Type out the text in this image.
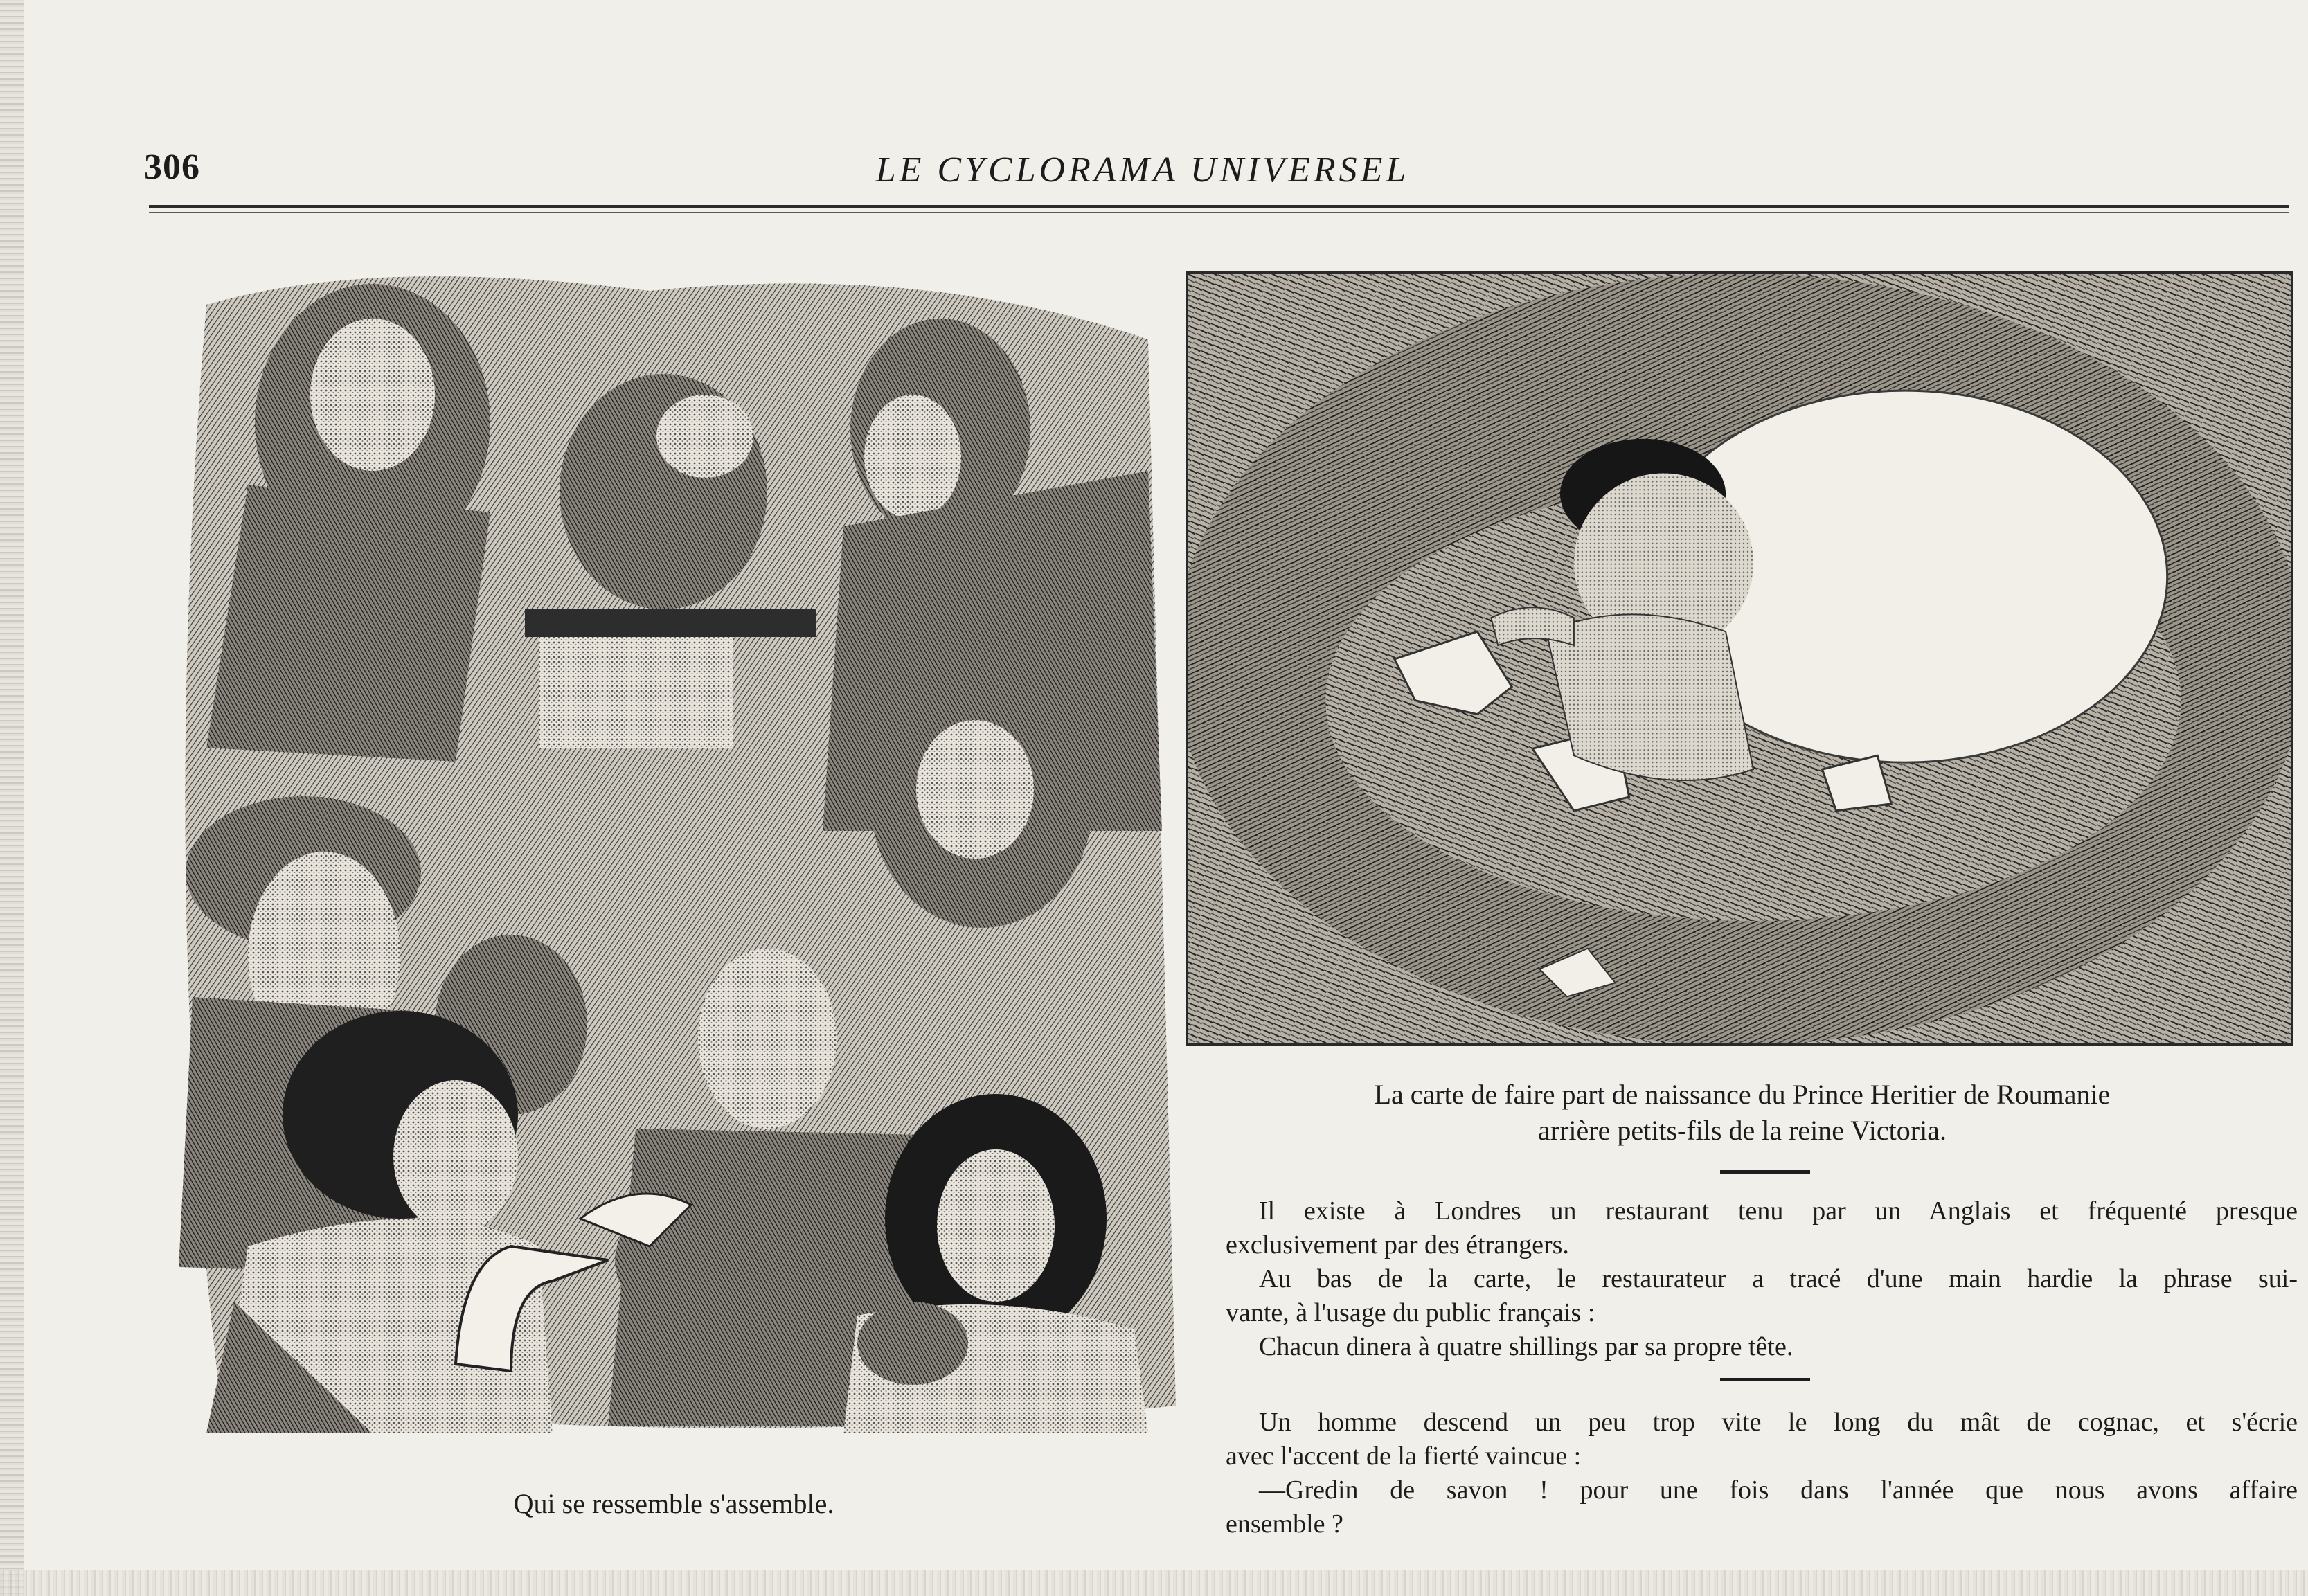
306	LE CYCLORAMA UNIVERSEL
Qui se ressemble s'assemble.
La carte de faire part de naissance du Prince Heritier de Roumanie
arrière petits-fils de la reine Victoria.

Il existe à Londres un restaurant tenu par un Anglais et fréquenté presque

exclusivement par des étrangers.

Au bas de la carte, le restaurateur a tracé d'une main hardie la phrase sui-

vante, à l'usage du public français :

Chacun dinera à quatre shillings par sa propre tête.

Un homme descend un peu trop vite le long du mât de cognac, et s'écrie

avec l'accent de la fierté vaincue :

—Gredin de savon ! pour une fois dans l'année que nous avons affaire

ensemble ?
